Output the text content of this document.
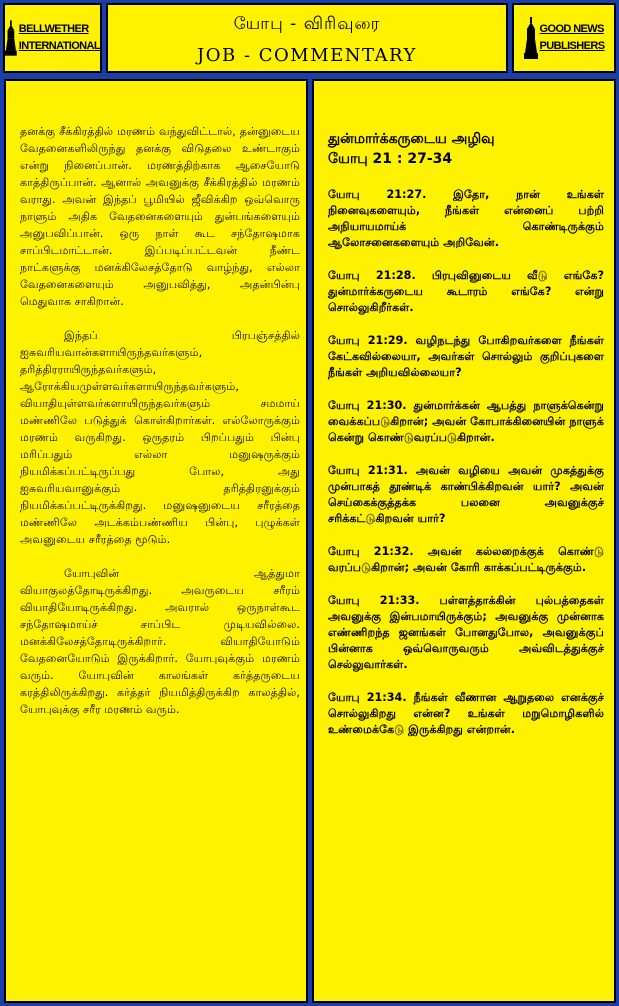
BELLWETHER
INTERNATIONAL
யோபு - விரிவுரை
JOB - COMMENTARY
GOOD NEWS
PUBLISHERS

தனக்கு சீக்கிரத்தில் மரணம் வந்துவிட்டால், தன்னுடைய வேதனைகளிலிருந்து தனக்கு விடுதலை உண்டாகும் என்று நினைப்பான். மரணத்திற்காக ஆசையோடு காத்திருப்பான். ஆனால் அவனுக்கு சீக்கிரத்தில் மரணம் வராது. அவன் இந்தப் பூமியில் ஜீவிக்கிற ஒவ்வொரு நாளும் அதிக வேதனைகளையும் துன்பங்களையும் அனுபவிப்பான். ஒரு நாள் கூட சந்தோஷமாக சாப்பிடமாட்டான். இப்படிப்பட்டவன் நீண்ட நாட்களுக்கு மனக்கிலேசத்தோடு வாழ்ந்து, எல்லா வேதனைகளையும் அனுபவித்து, அதன்பின்பு மெதுவாக சாகிறான்.

இந்தப் பிரபஞ்சத்தில் ஐசுவரியவான்களாயிருந்தவர்களும், தரித்திரராயிருந்தவர்களும், ஆரோக்கியமுள்ளவர்களாயிருந்தவர்களும், வியாதியுள்ளவர்களாயிருந்தவர்களும் சமமாய் மண்ணிலே படுத்துக் கொள்கிறார்கள். எல்லோருக்கும் மரணம் வருகிறது. ஒருதரம் பிறப்பதும் பின்பு மரிப்பதும் எல்லா மனுஷருக்கும் நியமிக்கப்பட்டிருப்பது போல, அது ஐசுவரியவானுக்கும் தரித்திரனுக்கும் நியமிக்கப்பட்டிருக்கிறது. மனுஷனுடைய சரீரத்தை மண்ணிலே அடக்கம்பண்ணிய பின்பு, புழுக்கள் அவனுடைய சரீரத்தை மூடும்.

யோபுவின் ஆத்துமா வியாகுலத்தோடிருக்கிறது. அவருடைய சரீரம் வியாதியோடிருக்கிறது. அவரால் ஒருநாள்கூட சந்தோஷமாய்ச் சாப்பிட முடியவில்லை. மனக்கிலேசத்தோடிருக்கிறார். வியாதியோடும் வேதனையோடும் இருக்கிறார். யோபுவுக்கும் மரணம் வரும். யோபுவின் காலங்கள் கர்த்தருடைய கரத்திலிருக்கிறது. கர்த்தர் நியமித்திருக்கிற காலத்தில், யோபுவுக்கு சரீர மரணம் வரும்.

துன்மார்க்கருடைய அழிவு
யோபு 21 : 27-34

யோபு 21:27. இதோ, நான் உங்கள் நினைவுகளையும், நீங்கள் என்னைப் பற்றி அநியாயமாய்க் கொண்டிருக்கும் ஆலோசனைகளையும் அறிவேன்.

யோபு 21:28. பிரபுவினுடைய வீடு எங்கே? துன்மார்க்கருடைய கூடாரம் எங்கே? என்று சொல்லுகிறீர்கள்.

யோபு 21:29. வழிநடந்து போகிறவர்களை நீங்கள் கேட்கவில்லையா, அவர்கள் சொல்லும் குறிப்புகளை நீங்கள் அறியவில்லையா?

யோபு 21:30. துன்மார்க்கன் ஆபத்து நாளுக்கென்று வைக்கப்படுகிறான்; அவன் கோபாக்கினையின் நாளுக் கென்று கொண்டுவரப்படுகிறான்.

யோபு 21:31. அவன் வழியை அவன் முகத்துக்கு முன்பாகத் தூண்டிக் காண்பிக்கிறவன் யார்? அவன் செய்கைக்குத்தக்க பலனை அவனுக்குச் சரிக்கட்டுகிறவன் யார்?

யோபு 21:32. அவன் கல்லறைக்குக் கொண்டு வரப்படுகிறான்; அவன் கோரி காக்கப்பட்டிருக்கும்.

யோபு 21:33. பள்ளத்தாக்கின் புல்பத்தைகள் அவனுக்கு இன்பமாயிருக்கும்; அவனுக்கு முன்னாக எண்ணிறந்த ஜனங்கள் போனதுபோல, அவனுக்குப் பின்னாக ஒவ்வொருவரும் அவ்விடத்துக்குச் செல்லுவார்கள்.

யோபு 21:34. நீங்கள் வீணான ஆறுதலை எனக்குச் சொல்லுகிறது என்ன? உங்கள் மறுமொழிகளில் உண்மைக்கேடு இருக்கிறது என்றான்.
